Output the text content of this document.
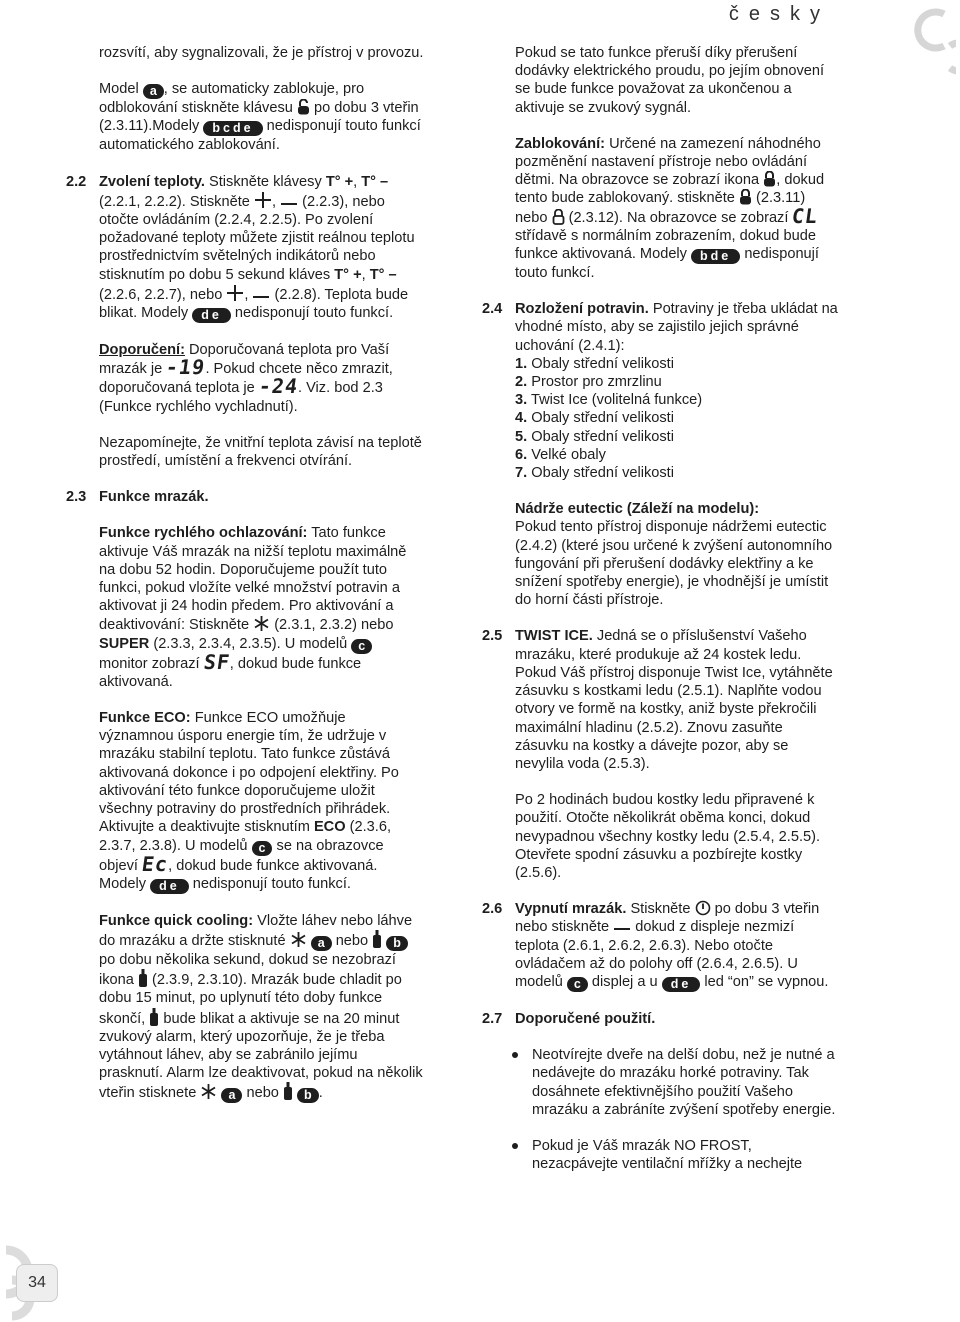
česky

rozsvítí, aby sygnalizovali, že je přístroj v provozu.

Model a , se automaticky zablokuje, pro odblokování stiskněte klávesu  po dobu 3 vteřin (2.3.11).Modely bcde nedisponují touto funkcí automatického zablokování.

2.2 Zvolení teploty. Stiskněte klávesy T° +, T° – (2.2.1, 2.2.2). Stiskněte ,  (2.2.3), nebo otočte ovládáním (2.2.4, 2.2.5). Po zvolení požadované teploty můžete zjistit reálnou teplotu prostřednictvím světelných indikátorů nebo stisknutím po dobu 5 sekund kláves T° +, T° – (2.2.6, 2.2.7), nebo ,  (2.2.8). Teplota bude blikat. Modely de nedisponují touto funkcí.

Doporučení: Doporučovaná teplota pro Vaší mrazák je -19. Pokud chcete něco zmrazit, doporučovaná teplota je -24. Viz. bod 2.3 (Funkce rychlého vychladnutí).

Nezapomínejte, že vnitřní teplota závisí na teplotě prostředí, umístění a frekvenci otvírání.

2.3 Funkce mrazák.

Funkce rychlého ochlazování: Tato funkce aktivuje Váš mrazák na nižší teplotu maximálně na dobu 52 hodin. Doporučujeme použít tuto funkci, pokud vložíte velké množství potravin a aktivovat ji 24 hodin předem. Pro aktivování a deaktivování: Stiskněte  (2.3.1, 2.3.2) nebo SUPER (2.3.3, 2.3.4, 2.3.5). U modelů c monitor zobrazí SF, dokud bude funkce aktivovaná.

Funkce ECO: Funkce ECO umožňuje významnou úsporu energie tím, že udržuje v mrazáku stabilní teplotu. Tato funkce zůstává aktivovaná dokonce i po odpojení elektřiny. Po aktivování této funkce doporučujeme uložit všechny potraviny do prostředních přihrádek. Aktivujte a deaktivujte stisknutím ECO (2.3.6, 2.3.7, 2.3.8). U modelů c se na obrazovce objeví Ec, dokud bude funkce aktivovaná. Modely de nedisponují touto funkcí.

Funkce quick cooling: Vložte láhev nebo láhve do mrazáku a držte stisknuté  a nebo  b po dobu několika sekund, dokud se nezobrazí ikona  (2.3.9, 2.3.10). Mrazák bude chladit po dobu 15 minut, po uplynutí této doby funkce skončí,  bude blikat a aktivuje se na 20 minut zvukový alarm, který upozorňuje, že je třeba vytáhnout láhev, aby se zabránilo jejímu prasknutí. Alarm lze deaktivovat, pokud na několik vteřin stisknete  a nebo  b .

Pokud se tato funkce přeruší díky přerušení dodávky elektrického proudu, po jejím obnovení se bude funkce považovat za ukončenou a aktivuje se zvukový sygnál.

Zablokování: Určené na zamezení náhodného pozměnění nastavení přístroje nebo ovládání dětmi. Na obrazovce se zobrazí ikona , dokud tento bude zablokovaný. stiskněte  (2.3.11) nebo  (2.3.12). Na obrazovce se zobrazí CL střídavě s normálním zobrazením, dokud bude funkce aktivovaná. Modely bde nedisponují touto funkcí.

2.4 Rozložení potravin. Potraviny je třeba ukládat na vhodné místo, aby se zajistilo jejich správné uchování (2.4.1):
1. Obaly střední velikosti
2. Prostor pro zmrzlinu
3. Twist Ice (volitelná funkce)
4. Obaly střední velikosti
5. Obaly střední velikosti
6. Velké obaly
7. Obaly střední velikosti

Nádrže eutectic (Záleží na modelu):
Pokud tento přístroj disponuje nádržemi eutectic (2.4.2) (které jsou určené k zvýšení autonomního fungování při přerušení dodávky elektřiny a ke snížení spotřeby energie), je vhodnější je umístit do horní části přístroje.

2.5 TWIST ICE. Jedná se o příslušenství Vašeho mrazáku, které produkuje až 24 kostek ledu. Pokud Váš přístroj disponuje Twist Ice, vytáhněte zásuvku s kostkami ledu (2.5.1). Naplňte vodou otvory ve formě na kostky, aniž byste překročili maximální hladinu (2.5.2). Znovu zasuňte zásuvku na kostky a dávejte pozor, aby se nevylila voda (2.5.3).

Po 2 hodinách budou kostky ledu připravené k použití. Otočte několikrát oběma konci, dokud nevypadnou všechny kostky ledu (2.5.4, 2.5.5). Otevřete spodní zásuvku a pozbírejte kostky (2.5.6).

2.6 Vypnutí mrazák. Stiskněte  po dobu 3 vteřin nebo stiskněte  dokud z displeje nezmizí teplota (2.6.1, 2.6.2, 2.6.3). Nebo otočte ovládačem až do polohy off (2.6.4, 2.6.5). U modelů c displej a u de led “on” se vypnou.
2.7 Doporučené použití.
Neotvírejte dveře na delší dobu, než je nutné a nedávejte do mrazáku horké potraviny. Tak dosáhnete efektivnějšího použití Vašeho mrazáku a zabráníte zvýšení spotřeby energie.
Pokud je Váš mrazák NO FROST, nezacpávejte ventilační mřížky a nechejte
34
